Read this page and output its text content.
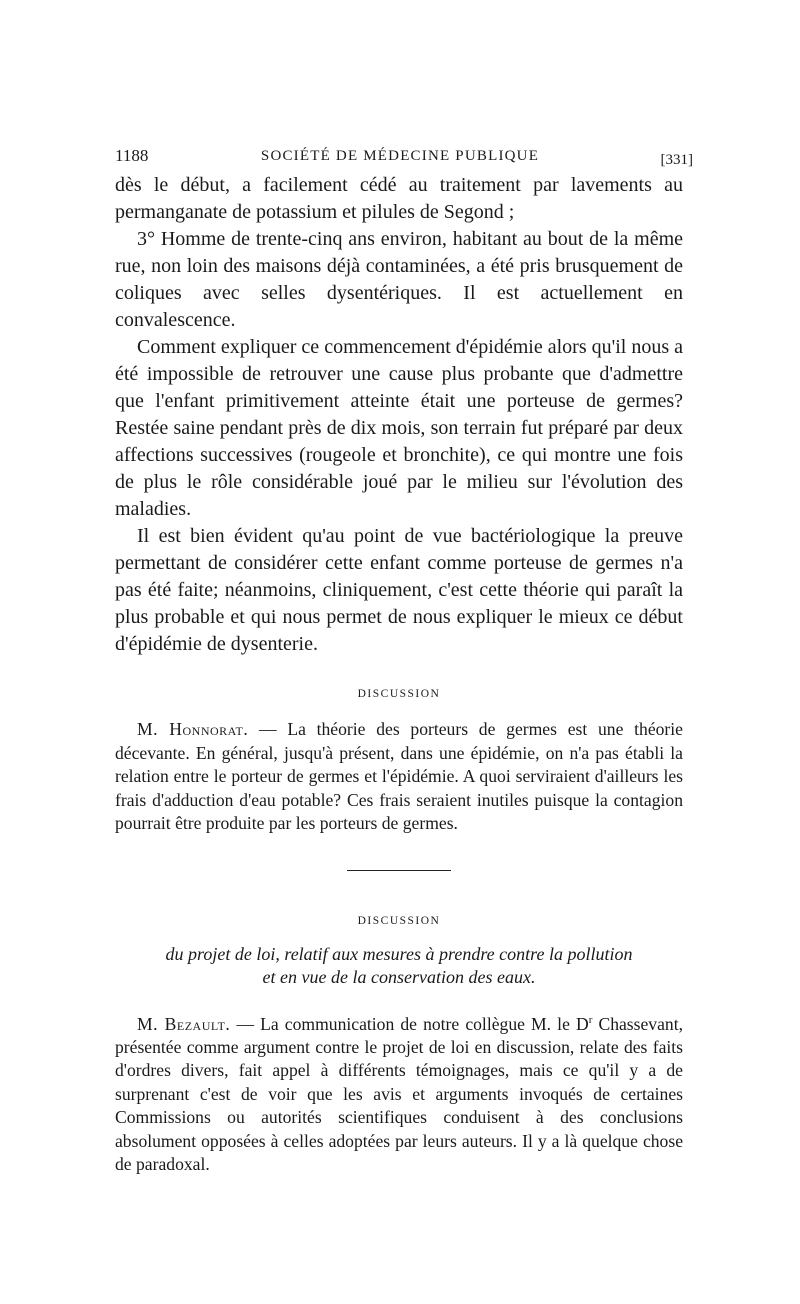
1188	SOCIÉTÉ DE MÉDECINE PUBLIQUE	[331]

dès le début, a facilement cédé au traitement par lavements au permanganate de potassium et pilules de Segond ;

3° Homme de trente-cinq ans environ, habitant au bout de la même rue, non loin des maisons déjà contaminées, a été pris brusquement de coliques avec selles dysentériques. Il est actuellement en convalescence.

Comment expliquer ce commencement d'épidémie alors qu'il nous a été impossible de retrouver une cause plus probante que d'admettre que l'enfant primitivement atteinte était une porteuse de germes? Restée saine pendant près de dix mois, son terrain fut préparé par deux affections successives (rougeole et bronchite), ce qui montre une fois de plus le rôle considérable joué par le milieu sur l'évolution des maladies.

Il est bien évident qu'au point de vue bactériologique la preuve permettant de considérer cette enfant comme porteuse de germes n'a pas été faite; néanmoins, cliniquement, c'est cette théorie qui paraît la plus probable et qui nous permet de nous expliquer le mieux ce début d'épidémie de dysenterie.

DISCUSSION

M. Honnorat. — La théorie des porteurs de germes est une théorie décevante. En général, jusqu'à présent, dans une épidémie, on n'a pas établi la relation entre le porteur de germes et l'épidémie. A quoi serviraient d'ailleurs les frais d'adduction d'eau potable? Ces frais seraient inutiles puisque la contagion pourrait être produite par les porteurs de germes.

DISCUSSION

du projet de loi, relatif aux mesures à prendre contre la pollution
et en vue de la conservation des eaux.

M. Bezault. — La communication de notre collègue M. le $D^r$ Chassevant, présentée comme argument contre le projet de loi en discussion, relate des faits d'ordres divers, fait appel à différents témoignages, mais ce qu'il y a de surprenant c'est de voir que les avis et arguments invoqués de certaines Commissions ou autorités scientifiques conduisent à des conclusions absolument opposées à celles adoptées par leurs auteurs. Il y a là quelque chose de paradoxal.
